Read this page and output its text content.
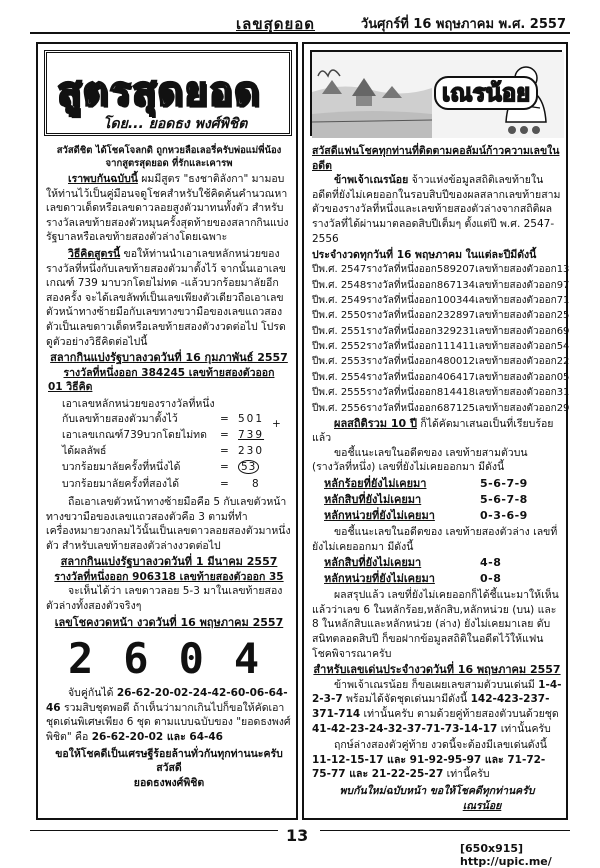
เลขสุดยอด	วันศุกร์ที่ 16 พฤษภาคม พ.ศ. 2557
สูตรสุดยอด
โดย... ยอดธง พงศ์พิชิต
สวัสดีชิต ได้โชคโจลกดิ ถูกหวยลือเลอรี่ครับพ่อแม่พี่น้อง
จากสูตรสุดยอด ที่รักและเคารพ
เราพบกันฉบับนี้ ผมมีสูตร "ธงชาติลังกา" มามอบให้ท่านไว้เป็นคู่มือนจดูโชคสำหรับใช้คิดค้นคำนวณหาเลขดาวเด็ดหรือเลขดาวลอยสูงตัวมาทนทั้งตัว สำหรับรางวัลเลขท้ายสองตัวหมุนครั้งสุดท้ายของสลากกินแบ่งรัฐบาลหรือเลขท้ายสองตัวล่างโดยเฉพาะ
วิธีคิดสูตรนี้ ขอให้ท่านนำเอาเลขหลักหน่วยของรางวัลที่หนึ่งกับเลขท้ายสองตัวมาตั้งไว้ จากนั้นเอาเลขเกณฑ์ 739 มาบวกโดยไม่ทด -แล้วบวกร้อยมาลัยอีกสองครั้ง จะได้เลขลัพท์เป็นเลขเพียงตัวเดียวถือเอาเลขตัวหน้าทางซ้ายมือกับเลขทางขวามือของเลขแถวสองตัวเป็นเลขดาวเด็ดหรือเลขท้ายสองตัวงวดต่อไป โปรดดูตัวอย่างวิธีคิดต่อไปนี้
สลากกินแบ่งรัฐบาลงวดวันที่ 16 กุมภาพันธ์ 2557
รางวัลที่หนึ่งออก 384245 เลขท้ายสองตัวออก
01 วิธีคิด
เอาเลขหลักหน่วยของรางวัลที่หนึ่ง
กับเลขท้ายสองตัวมาตั้งไว้	= 501 +
เอาเลขเกณฑ์739บวกโดยไม่ทด = 739
ได้ผลลัพธ์	= 230
บวกร้อยมาลัยครั้งที่หนึ่งได้	= 53
บวกร้อยมาลัยครั้งที่สองได้	= 8
ถือเอาเลขตัวหน้าทางซ้ายมือคือ 5 กับเลขตัวหน้าทางขวามือของเลขแถวสองตัวคือ 3 ตามที่ทำเครื่องหมายวงกลมไว้นั้นเป็นเลขดาวลอยสองตัวมาหนึ่งตัว สำหรับเลขท้ายสองตัวล่างงวดต่อไป
สลากกินแบ่งรัฐบาลงวดวันที่ 1 มีนาคม 2557
รางวัลที่หนึ่งออก 906318 เลขท้ายสองตัวออก 35
จะเห็นได้ว่า เลขดาวลอย 5-3 มาในเลขท้ายสองตัวล่างทั้งสองตัวจริงๆ
เลขโชคงวดหน้า งวดวันที่ 16 พฤษภาคม 2557
2604
จับคู่กันได้ 26-62-20-02-24-42-60-06-64-46 รวมสิบชุดพอดี ถ้าเห็นว่ามากเกินไปก็ขอให้คัดเอาชุดเด่นพิเศษเพียง 6 ชุด ตามแบบฉบับของ "ยอดธงพงศ์พิชิต" คือ 26-62-20-02 และ 64-46
ขอให้โชคดีเป็นเศรษฐีร้อยล้านทั่วกันทุกท่านนะครับ
สวัสดี
ยอดธงพงศ์พิชิต
เณรน้อย
สวัสดีแฟนโชคทุกท่านที่ติดตามคอลัมน์ก้าวความเลขในอดีต
ข้าพเจ้าเณรน้อย จ้าวแห่งข้อมูลสถิติเลขท้ายในอดีตที่ยังไม่เคยออกในรอบสิบปีของผลสลากเลขท้ายสามตัวของรางวัลที่หนึ่งและเลขท้ายสองตัวล่างจากสถิติผลรางวัลที่ได้ผ่านมาตลอดสิบปีเต็มๆ ตั้งแต่ปี พ.ศ. 2547-2556
ประจำงวดทุกวันที่ 16 พฤษภาคม ในแต่ละปีมีดังนี้
ปีพ.ศ. 2547	รางวัลที่หนึ่งออก	589207	เลขท้ายสองตัวออก	13
ปีพ.ศ. 2548	รางวัลที่หนึ่งออก	867134	เลขท้ายสองตัวออก	97
ปีพ.ศ. 2549	รางวัลที่หนึ่งออก	100344	เลขท้ายสองตัวออก	71
ปีพ.ศ. 2550	รางวัลที่หนึ่งออก	232897	เลขท้ายสองตัวออก	25
ปีพ.ศ. 2551	รางวัลที่หนึ่งออก	329231	เลขท้ายสองตัวออก	69
ปีพ.ศ. 2552	รางวัลที่หนึ่งออก	111411	เลขท้ายสองตัวออก	54
ปีพ.ศ. 2553	รางวัลที่หนึ่งออก	480012	เลขท้ายสองตัวออก	22
ปีพ.ศ. 2554	รางวัลที่หนึ่งออก	406417	เลขท้ายสองตัวออก	05
ปีพ.ศ. 2555	รางวัลที่หนึ่งออก	814418	เลขท้ายสองตัวออก	31
ปีพ.ศ. 2556	รางวัลที่หนึ่งออก	687125	เลขท้ายสองตัวออก	29
ผลสถิติรวม 10 ปี ก็ได้คัดมาเสนอเป็นที่เรียบร้อยแล้ว
ขอชี้แนะเลขในอดีตของ เลขท้ายสามตัวบน (รางวัลที่หนึ่ง) เลขที่ยังไม่เคยออกมา มีดังนี้
หลักร้อยที่ยังไม่เคยมา	5-6-7-9
หลักสิบที่ยังไม่เคยมา	5-6-7-8
หลักหน่วยที่ยังไม่เคยมา	0-3-6-9
ขอชี้แนะเลขในอดีตของ เลขท้ายสองตัวล่าง เลขที่ยังไม่เคยออกมา มีดังนี้
หลักสิบที่ยังไม่เคยมา	4-8
หลักหน่วยที่ยังไม่เคยมา	0-8
ผลสรุปแล้ว เลขที่ยังไม่เคยออกก็ได้ชี้แนะมาให้เห็นแล้วว่าเลข 6 ในหลักร้อย,หลักสิบ,หลักหน่วย (บน) และ 8 ในหลักสิบและหลักหน่วย (ล่าง) ยังไม่เคยมาเลย ดับสนิทตลอดสิบปี ก็ขอฝากข้อมูลสถิติในอดีตไว้ให้แฟนโชคพิจารณาครับ
สำหรับเลขเด่นประจำงวดวันที่ 16 พฤษภาคม 2557
ข้าพเจ้าเณรน้อย ก็ขอเผยเลขสามตัวบนเด่นมี 1-4-2-3-7 พร้อมได้จัดชุดเด่นมามีดังนี้ 142-423-237-371-714 เท่านั้นครับ ตามด้วยคู่ท้ายสองตัวบนด้วยชุด 41-42-23-24-32-37-71-73-14-17 เท่านั้นครับ
ฤกษ์ล่างสองตัวคู่ท้าย งวดนี้จะต้องมีเลขเด่นดังนี้ 11-12-15-17 และ 91-92-95-97 และ 71-72-75-77 และ 21-22-25-27 เท่านี้ครับ
พบกันใหม่ฉบับหน้า ขอให้โชคดีทุกท่านครับ
เณรน้อย
13
[650x915] http://upic.me/
